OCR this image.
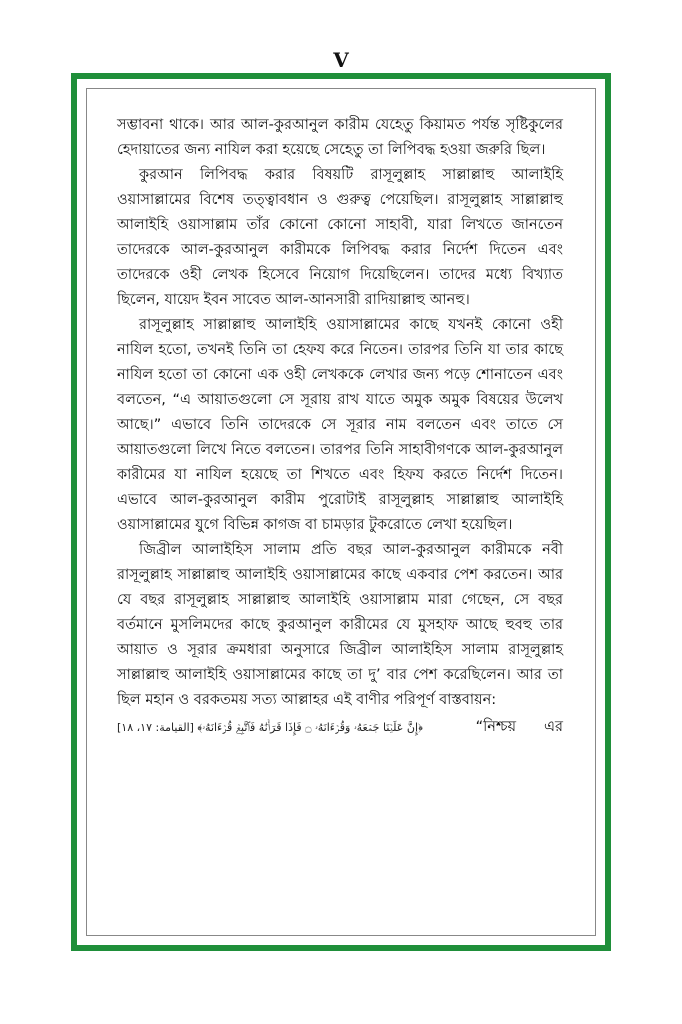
V

সম্ভাবনা থাকে। আর আল-কুরআনুল কারীম যেহেতু কিয়ামত পর্যন্ত সৃষ্টিকুলের হেদায়াতের জন্য নাযিল করা হয়েছে সেহেতু তা লিপিবদ্ধ হওয়া জরুরি ছিল।

কুরআন লিপিবদ্ধ করার বিষয়টি রাসূলুল্লাহ সাল্লাল্লাহু আলাইহি ওয়াসাল্লামের বিশেষ তত্ত্বাবধান ও গুরুত্ব পেয়েছিল। রাসূলুল্লাহ সাল্লাল্লাহু আলাইহি ওয়াসাল্লাম তাঁর কোনো কোনো সাহাবী, যারা লিখতে জানতেন তাদেরকে আল-কুরআনুল কারীমকে লিপিবদ্ধ করার নির্দেশ দিতেন এবং তাদেরকে ওহী লেখক হিসেবে নিয়োগ দিয়েছিলেন। তাদের মধ্যে বিখ্যাত ছিলেন, যায়েদ ইবন সাবেত আল-আনসারী রাদিয়াল্লাহু আনহু।

রাসূলুল্লাহ সাল্লাল্লাহু আলাইহি ওয়াসাল্লামের কাছে যখনই কোনো ওহী নাযিল হতো, তখনই তিনি তা হেফয করে নিতেন। তারপর তিনি যা তার কাছে নাযিল হতো তা কোনো এক ওহী লেখককে লেখার জন্য পড়ে শোনাতেন এবং বলতেন, “এ আয়াতগুলো সে সূরায় রাখ যাতে অমুক অমুক বিষয়ের উলেখ আছে।” এভাবে তিনি তাদেরকে সে সূরার নাম বলতেন এবং তাতে সে আয়াতগুলো লিখে নিতে বলতেন। তারপর তিনি সাহাবীগণকে আল-কুরআনুল কারীমের যা নাযিল হয়েছে তা শিখতে এবং হিফয করতে নির্দেশ দিতেন। এভাবে আল-কুরআনুল কারীম পুরোটাই রাসূলুল্লাহ সাল্লাল্লাহু আলাইহি ওয়াসাল্লামের যুগে বিভিন্ন কাগজ বা চামড়ার টুকরোতে লেখা হয়েছিল।

জিব্রীল আলাইহিস সালাম প্রতি বছর আল-কুরআনুল কারীমকে নবী রাসূলুল্লাহ সাল্লাল্লাহু আলাইহি ওয়াসাল্লামের কাছে একবার পেশ করতেন। আর যে বছর রাসূলুল্লাহ সাল্লাল্লাহু আলাইহি ওয়াসাল্লাম মারা গেছেন, সে বছর বর্তমানে মুসলিমদের কাছে কুরআনুল কারীমের যে মুসহাফ আছে হুবহু তার আয়াত ও সূরার ক্রমধারা অনুসারে জিব্রীল আলাইহিস সালাম রাসূলুল্লাহ সাল্লাল্লাহু আলাইহি ওয়াসাল্লামের কাছে তা দু’ বার পেশ করেছিলেন। আর তা ছিল মহান ও বরকতময় সত্য আল্লাহর এই বাণীর পরিপূর্ণ বাস্তবায়ন:

﴿إِنَّ عَلَيۡنَا جَمۡعَهُۥ وَقُرۡءَانَهُۥ ۝ فَإِذَا قَرَأۡنَٰهُ فَٱتَّبِعۡ قُرۡءَانَهُۥ﴾ [القيامة: ١٧، ١٨]	“নিশ্চয় এর
